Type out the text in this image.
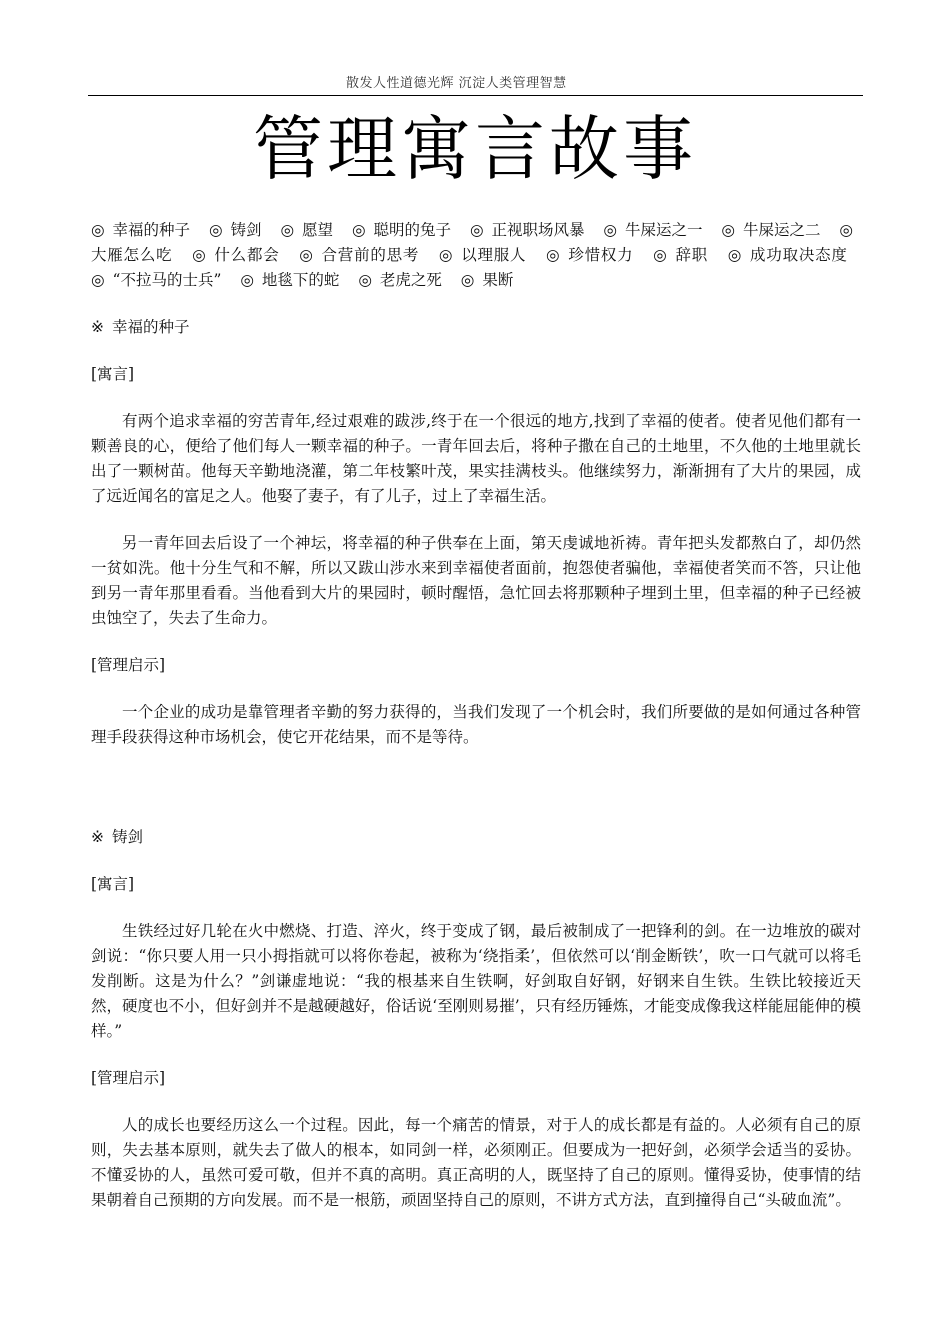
散发人性道德光辉 沉淀人类管理智慧
管理寓言故事
◎ 幸福的种子 ◎ 铸剑 ◎ 愿望 ◎ 聪明的兔子 ◎ 正视职场风暴 ◎ 牛屎运之一 ◎ 牛屎运之二 ◎大雁怎么吃 ◎ 什么都会 ◎ 合营前的思考 ◎ 以理服人 ◎ 珍惜权力 ◎ 辞职 ◎ 成功取决态度 ◎ “不拉马的士兵” ◎ 地毯下的蛇 ◎ 老虎之死 ◎ 果断
※ 幸福的种子
[寓言]

有两个追求幸福的穷苦青年,经过艰难的跋涉,终于在一个很远的地方,找到了幸福的使者。使者见他们都有一颗善良的心，便给了他们每人一颗幸福的种子。一青年回去后，将种子撒在自己的土地里，不久他的土地里就长出了一颗树苗。他每天辛勤地浇灌，第二年枝繁叶茂，果实挂满枝头。他继续努力，渐渐拥有了大片的果园，成了远近闻名的富足之人。他娶了妻子，有了儿子，过上了幸福生活。

另一青年回去后设了一个神坛，将幸福的种子供奉在上面，第天虔诚地祈祷。青年把头发都熬白了，却仍然一贫如洗。他十分生气和不解，所以又跋山涉水来到幸福使者面前，抱怨使者骗他，幸福使者笑而不答，只让他到另一青年那里看看。当他看到大片的果园时，顿时醒悟，急忙回去将那颗种子埋到土里，但幸福的种子已经被虫蚀空了，失去了生命力。

[管理启示]

一个企业的成功是靠管理者辛勤的努力获得的，当我们发现了一个机会时，我们所要做的是如何通过各种管理手段获得这种市场机会，使它开花结果，而不是等待。

※ 铸剑
[寓言]

生铁经过好几轮在火中燃烧、打造、淬火，终于变成了钢，最后被制成了一把锋利的剑。在一边堆放的碳对剑说：“你只要人用一只小拇指就可以将你卷起，被称为‘绕指柔’，但依然可以‘削金断铁’，吹一口气就可以将毛发削断。这是为什么？”剑谦虚地说：“我的根基来自生铁啊，好剑取自好钢，好钢来自生铁。生铁比较接近天然，硬度也不小，但好剑并不是越硬越好，俗话说‘至刚则易摧’，只有经历锤炼，才能变成像我这样能屈能伸的模样。”

[管理启示]

人的成长也要经历这么一个过程。因此，每一个痛苦的情景，对于人的成长都是有益的。人必须有自己的原则，失去基本原则，就失去了做人的根本，如同剑一样，必须刚正。但要成为一把好剑，必须学会适当的妥协。不懂妥协的人，虽然可爱可敬，但并不真的高明。真正高明的人，既坚持了自己的原则。懂得妥协，使事情的结果朝着自己预期的方向发展。而不是一根筋，顽固坚持自己的原则，不讲方式方法，直到撞得自己“头破血流”。
